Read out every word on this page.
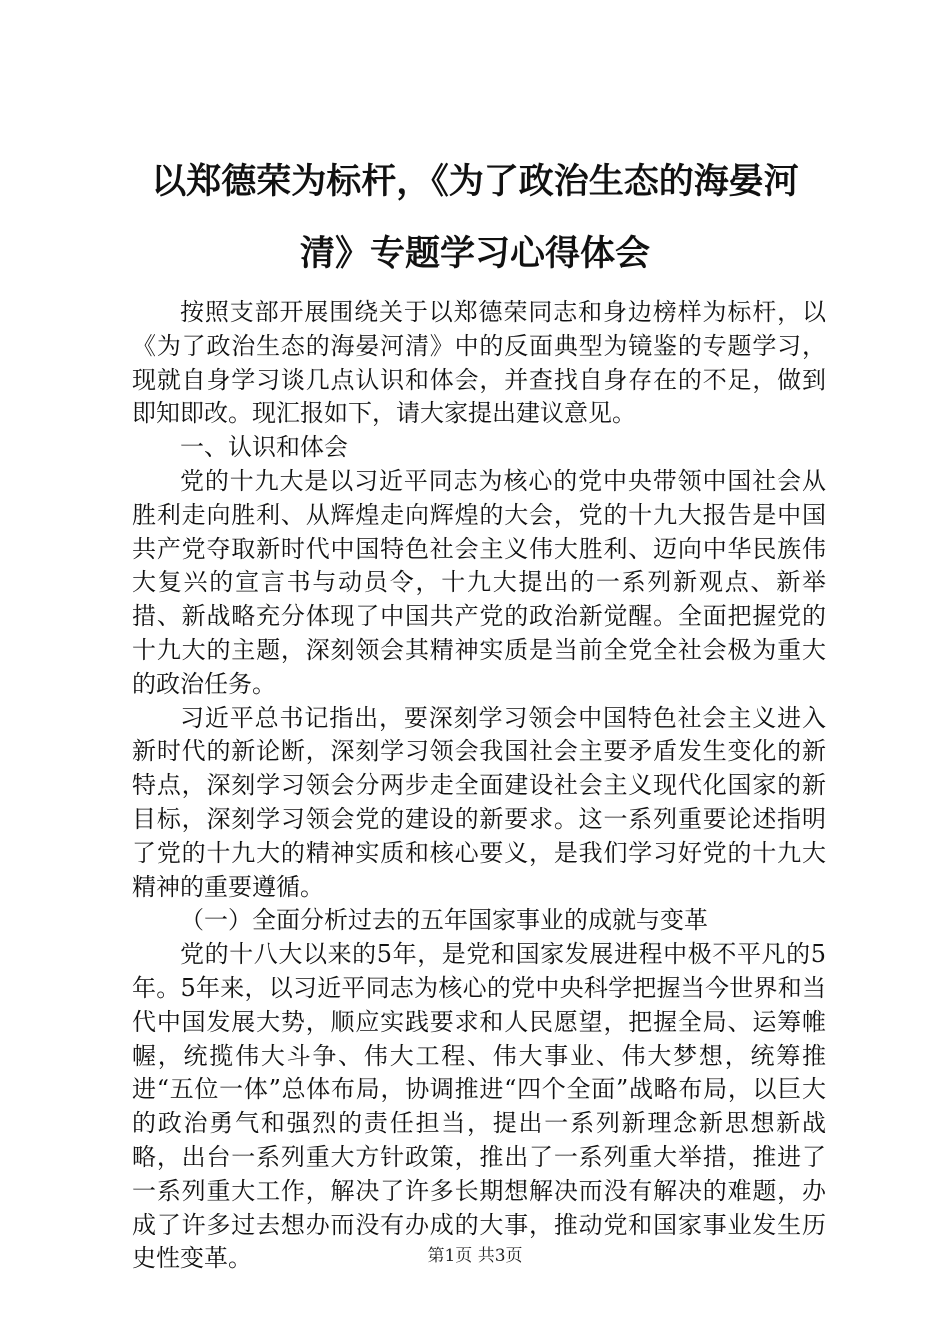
以郑德荣为标杆，《为了政治生态的海晏河
清》专题学习心得体会

按照支部开展围绕关于以郑德荣同志和身边榜样为标杆，以《为了政治生态的海晏河清》中的反面典型为镜鉴的专题学习，现就自身学习谈几点认识和体会，并查找自身存在的不足，做到即知即改。现汇报如下，请大家提出建议意见。

一、认识和体会

党的十九大是以习近平同志为核心的党中央带领中国社会从胜利走向胜利、从辉煌走向辉煌的大会，党的十九大报告是中国共产党夺取新时代中国特色社会主义伟大胜利、迈向中华民族伟大复兴的宣言书与动员令，十九大提出的一系列新观点、新举措、新战略充分体现了中国共产党的政治新觉醒。全面把握党的十九大的主题，深刻领会其精神实质是当前全党全社会极为重大的政治任务。

习近平总书记指出，要深刻学习领会中国特色社会主义进入新时代的新论断，深刻学习领会我国社会主要矛盾发生变化的新特点，深刻学习领会分两步走全面建设社会主义现代化国家的新目标，深刻学习领会党的建设的新要求。这一系列重要论述指明了党的十九大的精神实质和核心要义，是我们学习好党的十九大精神的重要遵循。

（一）全面分析过去的五年国家事业的成就与变革

党的十八大以来的5年，是党和国家发展进程中极不平凡的5年。5年来，以习近平同志为核心的党中央科学把握当今世界和当代中国发展大势，顺应实践要求和人民愿望，把握全局、运筹帷幄，统揽伟大斗争、伟大工程、伟大事业、伟大梦想，统筹推进“五位一体”总体布局，协调推进“四个全面”战略布局，以巨大的政治勇气和强烈的责任担当，提出一系列新理念新思想新战略，出台一系列重大方针政策，推出了一系列重大举措，推进了一系列重大工作，解决了许多长期想解决而没有解决的难题，办成了许多过去想办而没有办成的大事，推动党和国家事业发生历史性变革。	第1页 共3页
